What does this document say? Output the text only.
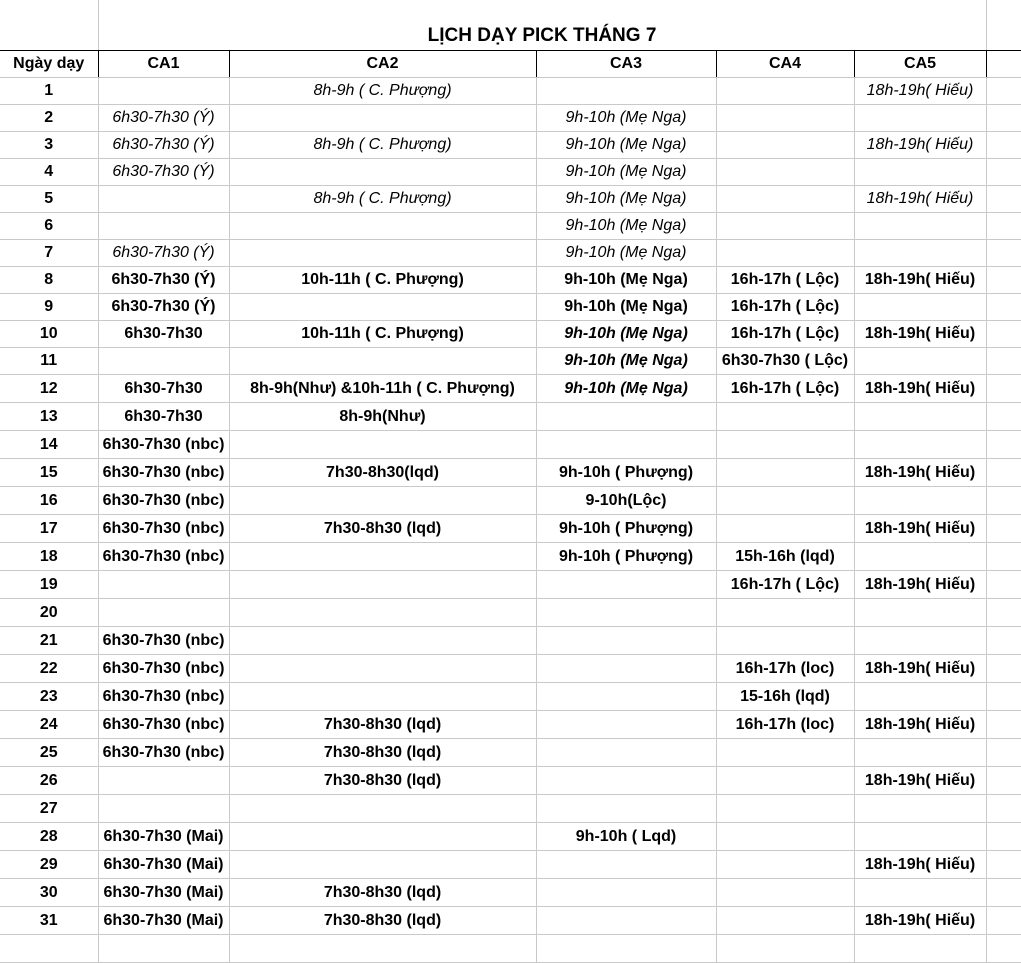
	LỊCH DẠY PICK THÁNG 7					
Ngày dạy	CA1	CA2	CA3	CA4	CA5	
1		8h-9h ( C. Phượng)			18h-19h( Hiếu)	
2	6h30-7h30 (Ý)		9h-10h (Mẹ Nga)			
3	6h30-7h30 (Ý)	8h-9h ( C. Phượng)	9h-10h (Mẹ Nga)		18h-19h( Hiếu)	
4	6h30-7h30 (Ý)		9h-10h (Mẹ Nga)			
5		8h-9h ( C. Phượng)	9h-10h (Mẹ Nga)		18h-19h( Hiếu)	
6			9h-10h (Mẹ Nga)			
7	6h30-7h30 (Ý)		9h-10h (Mẹ Nga)			
8	6h30-7h30 (Ý)	10h-11h ( C. Phượng)	9h-10h (Mẹ Nga)	16h-17h ( Lộc)	18h-19h( Hiếu)	
9	6h30-7h30 (Ý)		9h-10h (Mẹ Nga)	16h-17h ( Lộc)		
10	6h30-7h30	10h-11h ( C. Phượng)	9h-10h (Mẹ Nga)	16h-17h ( Lộc)	18h-19h( Hiếu)	
11			9h-10h (Mẹ Nga)	6h30-7h30 ( Lộc)		
12	6h30-7h30	8h-9h(Như) &10h-11h ( C. Phượng)	9h-10h (Mẹ Nga)	16h-17h ( Lộc)	18h-19h( Hiếu)	
13	6h30-7h30	8h-9h(Như)				
14	6h30-7h30 (nbc)					
15	6h30-7h30 (nbc)	7h30-8h30(lqd)	9h-10h ( Phượng)		18h-19h( Hiếu)	
16	6h30-7h30 (nbc)		9-10h(Lộc)			
17	6h30-7h30 (nbc)	7h30-8h30 (lqd)	9h-10h ( Phượng)		18h-19h( Hiếu)	
18	6h30-7h30 (nbc)		9h-10h ( Phượng)	15h-16h (lqd)		
19				16h-17h ( Lộc)	18h-19h( Hiếu)	
20						
21	6h30-7h30 (nbc)					
22	6h30-7h30 (nbc)			16h-17h (loc)	18h-19h( Hiếu)	
23	6h30-7h30 (nbc)			15-16h (lqd)		
24	6h30-7h30 (nbc)	7h30-8h30 (lqd)		16h-17h (loc)	18h-19h( Hiếu)	
25	6h30-7h30 (nbc)	7h30-8h30 (lqd)				
26		7h30-8h30 (lqd)			18h-19h( Hiếu)	
27						
28	6h30-7h30 (Mai)		9h-10h ( Lqd)			
29	6h30-7h30 (Mai)				18h-19h( Hiếu)	
30	6h30-7h30 (Mai)	7h30-8h30 (lqd)				
31	6h30-7h30 (Mai)	7h30-8h30 (lqd)			18h-19h( Hiếu)	
